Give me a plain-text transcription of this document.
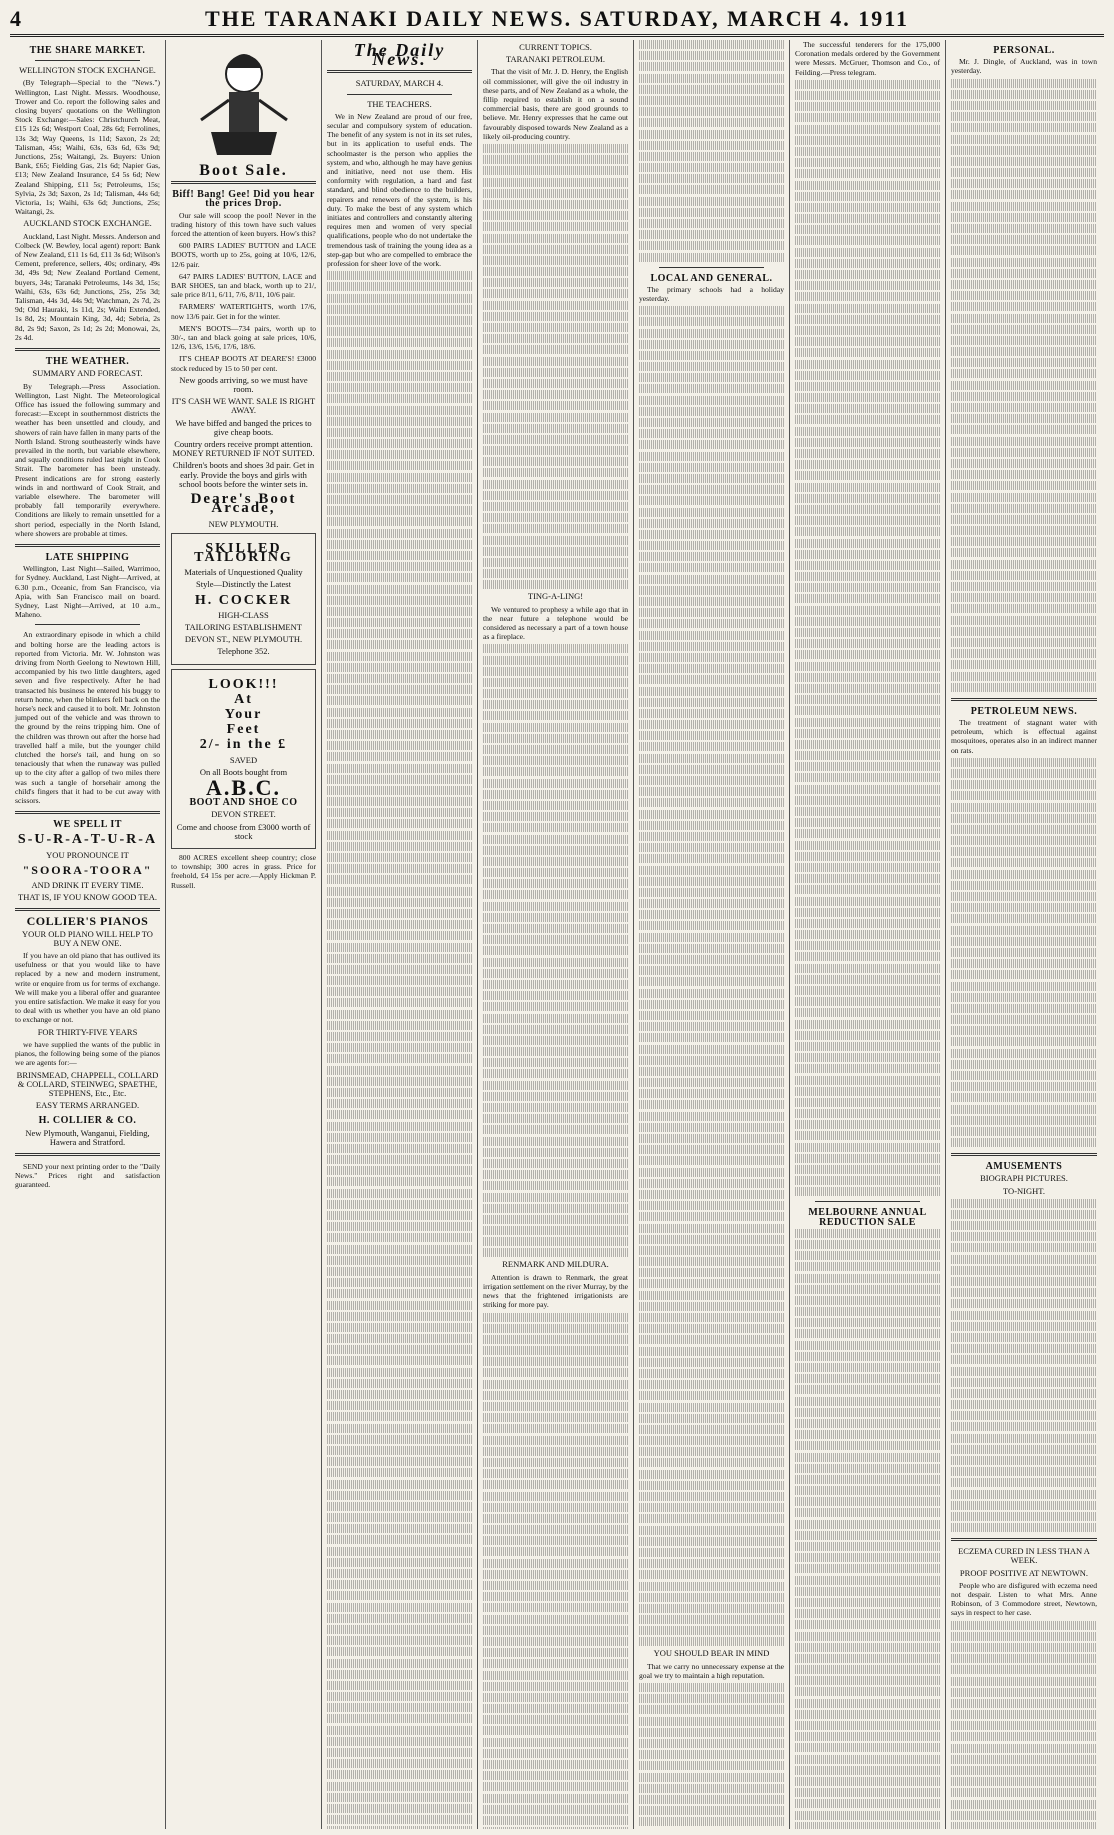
4	THE TARANAKI DAILY NEWS. SATURDAY, MARCH 4. 1911
THE SHARE MARKET.
WELLINGTON STOCK EXCHANGE.

(By Telegraph—Special to the "News.") Wellington, Last Night. Messrs. Woodhouse, Trower and Co. report the following sales and closing buyers' quotations on the Wellington Stock Exchange:—Sales: Christchurch Meat, £15 12s 6d; Westport Coal, 28s 6d; Ferrolines, 13s 3d; Way Queens, 1s 11d; Saxon, 2s 2d; Talisman, 45s; Waihi, 63s, 63s 6d, 63s 9d; Junctions, 25s; Waitangi, 2s. Buyers: Union Bank, £65; Fielding Gas, 21s 6d; Napier Gas, £13; New Zealand Insurance, £4 5s 6d; New Zealand Shipping, £11 5s; Petroleums, 15s; Sylvia, 2s 3d; Saxon, 2s 1d; Talisman, 44s 6d; Victoria, 1s; Waihi, 63s 6d; Junctions, 25s; Waitangi, 2s.

AUCKLAND STOCK EXCHANGE.

Auckland, Last Night. Messrs. Anderson and Colbeck (W. Bewley, local agent) report: Bank of New Zealand, £11 1s 6d, £11 3s 6d; Wilson's Cement, preference, sellers, 40s; ordinary, 49s 3d, 49s 9d; New Zealand Portland Cement, buyers, 34s; Taranaki Petroleums, 14s 3d, 15s; Waihi, 63s, 63s 6d; Junctions, 25s, 25s 3d; Talisman, 44s 3d, 44s 9d; Watchman, 2s 7d, 2s 9d; Old Hauraki, 1s 11d, 2s; Waihi Extended, 1s 8d, 2s; Mountain King, 3d, 4d; Sebria, 2s 8d, 2s 9d; Saxon, 2s 1d; 2s 2d; Monowai, 2s, 2s 4d.

THE WEATHER.
SUMMARY AND FORECAST.

By Telegraph.—Press Association. Wellington, Last Night. The Meteorological Office has issued the following summary and forecast:—Except in southernmost districts the weather has been unsettled and cloudy, and showers of rain have fallen in many parts of the North Island. Strong southeasterly winds have prevailed in the north, but variable elsewhere, and squally conditions ruled last night in Cook Strait. The barometer has been unsteady. Present indications are for strong easterly winds in and northward of Cook Strait, and variable elsewhere. The barometer will probably fall temporarily everywhere. Conditions are likely to remain unsettled for a short period, especially in the North Island, where showers are probable at times.

LATE SHIPPING

Wellington, Last Night—Sailed, Warrimoo, for Sydney. Auckland, Last Night—Arrived, at 6.30 p.m., Oceanic, from San Francisco, via Apia, with San Francisco mail on board. Sydney, Last Night—Arrived, at 10 a.m., Maheno.

An extraordinary episode in which a child and bolting horse are the leading actors is reported from Victoria. Mr. W. Johnston was driving from North Geelong to Newtown Hill, accompanied by his two little daughters, aged seven and five respectively. After he had transacted his business he entered his buggy to return home, when the blinkers fell back on the horse's neck and caused it to bolt. Mr. Johnston jumped out of the vehicle and was thrown to the ground by the reins tripping him. One of the children was thrown out after the horse had travelled half a mile, but the younger child clutched the horse's tail, and hung on so tenaciously that when the runaway was pulled up to the city after a gallop of two miles there was such a tangle of horsehair among the child's fingers that it had to be cut away with scissors.

WE SPELL IT
S-U-R-A-T-U-R-A
YOU PRONOUNCE IT
"SOORA-TOORA"
AND DRINK IT EVERY TIME.
THAT IS, IF YOU KNOW GOOD TEA.
COLLIER'S PIANOS
YOUR OLD PIANO WILL HELP TO BUY A NEW ONE.

If you have an old piano that has outlived its usefulness or that you would like to have replaced by a new and modern instrument, write or enquire from us for terms of exchange. We will make you a liberal offer and guarantee you entire satisfaction. We make it easy for you to deal with us whether you have an old piano to exchange or not.

FOR THIRTY-FIVE YEARS

we have supplied the wants of the public in pianos, the following being some of the pianos we are agents for:—

BRINSMEAD, CHAPPELL, COLLARD & COLLARD, STEINWEG, SPAETHE, STEPHENS, Etc., Etc.
EASY TERMS ARRANGED.
H. COLLIER & CO.
New Plymouth, Wanganui, Fielding, Hawera and Stratford.

SEND your next printing order to the "Daily News." Prices right and satisfaction guaranteed.

Boot Sale.
Biff! Bang! Gee! Did you hear the prices Drop.

Our sale will scoop the pool! Never in the trading history of this town have such values forced the attention of keen buyers. How's this?

600 PAIRS LADIES' BUTTON and LACE BOOTS, worth up to 25s, going at 10/6, 12/6, 12/6 pair.

647 PAIRS LADIES' BUTTON, LACE and BAR SHOES, tan and black, worth up to 21/, sale price 8/11, 6/11, 7/6, 8/11, 10/6 pair.

FARMERS' WATERTIGHTS, worth 17/6, now 13/6 pair. Get in for the winter.

MEN'S BOOTS—734 pairs, worth up to 30/-, tan and black going at sale prices, 10/6, 12/6, 13/6, 15/6, 17/6, 18/6.

IT'S CHEAP BOOTS AT DEARE'S! £3000 stock reduced by 15 to 50 per cent.

New goods arriving, so we must have room.
IT'S CASH WE WANT. SALE IS RIGHT AWAY.
We have biffed and banged the prices to give cheap boots.
Country orders receive prompt attention. MONEY RETURNED IF NOT SUITED.
Children's boots and shoes 3d pair. Get in early. Provide the boys and girls with school boots before the winter sets in.
Deare's Boot Arcade,
NEW PLYMOUTH.
SKILLED TAILORING
Materials of Unquestioned Quality
Style—Distinctly the Latest
H. COCKER
HIGH-CLASS
TAILORING ESTABLISHMENT
DEVON ST., NEW PLYMOUTH.
Telephone 352.
LOOK!!!
At
Your
Feet
2/- in the £
SAVED
On all Boots bought from
A.B.C.
BOOT AND SHOE CO
DEVON STREET.
Come and choose from £3000 worth of stock

800 ACRES excellent sheep country; close to township; 300 acres in grass. Price for freehold, £4 15s per acre.—Apply Hickman P. Russell.

The Daily News.
SATURDAY, MARCH 4.
THE TEACHERS.

We in New Zealand are proud of our free, secular and compulsory system of education. The benefit of any system is not in its set rules, but in its application to useful ends. The schoolmaster is the person who applies the system, and who, although he may have genius and initiative, need not use them. His conformity with regulation, a hard and fast standard, and blind obedience to the builders, repairers and renewers of the system, is his duty. To make the best of any system which initiates and controllers and constantly altering requires men and women of very special qualifications, people who do not undertake the tremendous task of training the young idea as a step-gap but who are compelled to embrace the profession for sheer love of the work.

CURRENT TOPICS.
TARANAKI PETROLEUM.

That the visit of Mr. J. D. Henry, the English oil commissioner, will give the oil industry in these parts, and of New Zealand as a whole, the fillip required to establish it on a sound commercial basis, there are good grounds to believe. Mr. Henry expresses that he came out favourably disposed towards New Zealand as a likely oil-producing country.

TING-A-LING!

We ventured to prophesy a while ago that in the near future a telephone would be considered as necessary a part of a town house as a fireplace.

RENMARK AND MILDURA.

Attention is drawn to Renmark, the great irrigation settlement on the river Murray, by the news that the frightened irrigationists are striking for more pay.

LOCAL AND GENERAL.

The primary schools had a holiday yesterday.

YOU SHOULD BEAR IN MIND

That we carry no unnecessary expense at the goal we try to maintain a high reputation.

The successful tenderers for the 175,000 Coronation medals ordered by the Government were Messrs. McGruer, Thomson and Co., of Feilding.—Press telegram.

MELBOURNE ANNUAL REDUCTION SALE
PERSONAL.

Mr. J. Dingle, of Auckland, was in town yesterday.

PETROLEUM NEWS.

The treatment of stagnant water with petroleum, which is effectual against mosquitoes, operates also in an indirect manner on rats.

AMUSEMENTS
BIOGRAPH PICTURES.
TO-NIGHT.
ECZEMA CURED IN LESS THAN A WEEK.
PROOF POSITIVE AT NEWTOWN.

People who are disfigured with eczema need not despair. Listen to what Mrs. Anne Robinson, of 3 Commodore street, Newtown, says in respect to her case.
